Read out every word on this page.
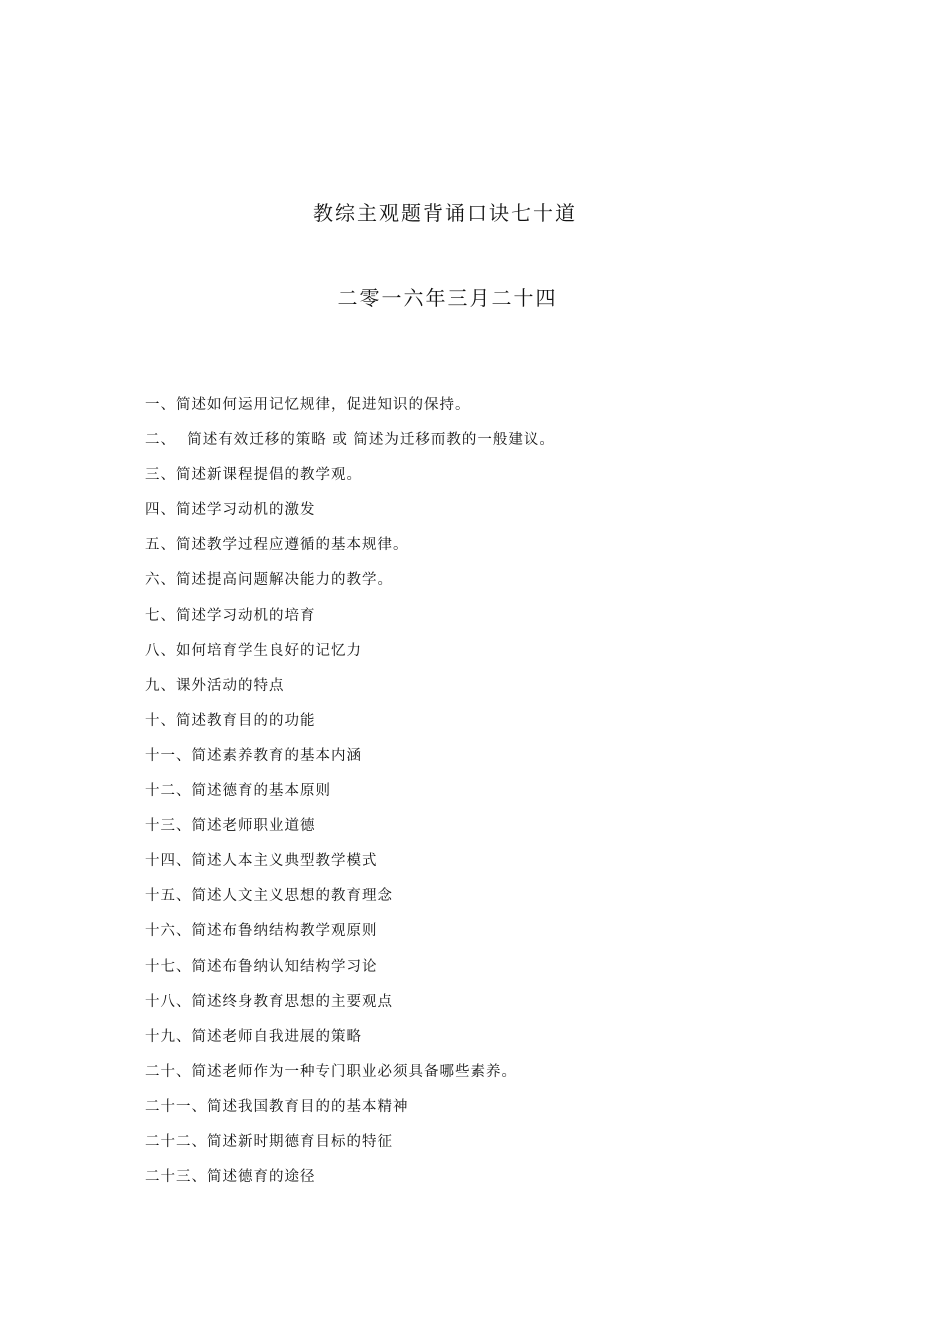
教综主观题背诵口诀七十道
二零一六年三月二十四
一、简述如何运用记忆规律，促进知识的保持。
二、  简述有效迁移的策略 或 简述为迁移而教的一般建议。
三、简述新课程提倡的教学观。
四、简述学习动机的激发
五、简述教学过程应遵循的基本规律。
六、简述提高问题解决能力的教学。
七、简述学习动机的培育
八、如何培育学生良好的记忆力
九、课外活动的特点
十、简述教育目的的功能
十一、简述素养教育的基本内涵
十二、简述德育的基本原则
十三、简述老师职业道德
十四、简述人本主义典型教学模式
十五、简述人文主义思想的教育理念
十六、简述布鲁纳结构教学观原则
十七、简述布鲁纳认知结构学习论
十八、简述终身教育思想的主要观点
十九、简述老师自我进展的策略
二十、简述老师作为一种专门职业必须具备哪些素养。
二十一、简述我国教育目的的基本精神
二十二、简述新时期德育目标的特征
二十三、简述德育的途径
